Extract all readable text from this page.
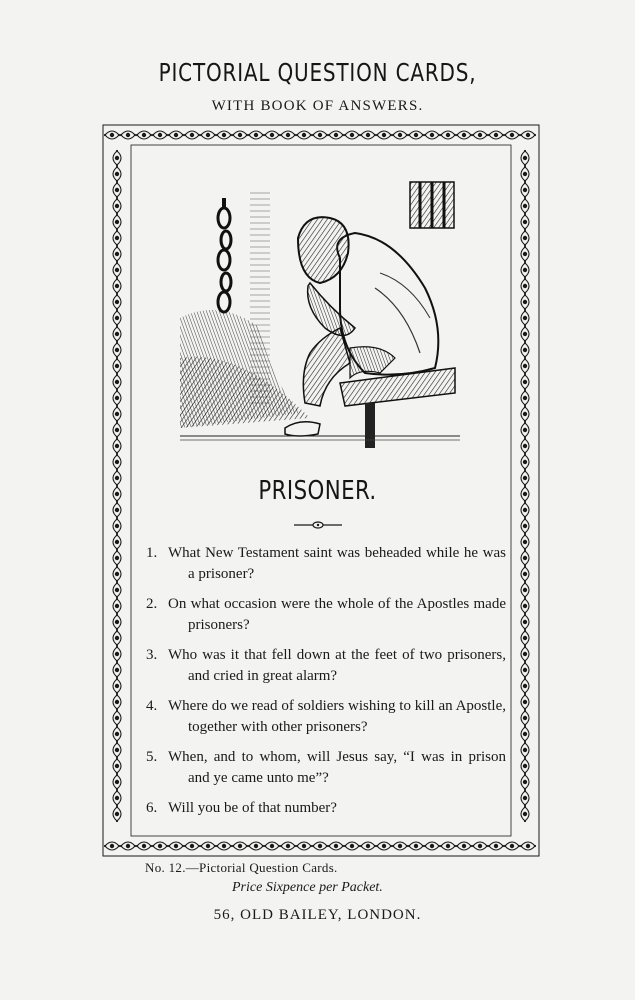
PICTORIAL QUESTION CARDS,
WITH BOOK OF ANSWERS.
PRISONER.
1. What New Testament saint was beheaded while he was a prisoner?
2. On what occasion were the whole of the Apostles made prisoners?
3. Who was it that fell down at the feet of two prisoners, and cried in great alarm?
4. Where do we read of soldiers wishing to kill an Apostle, together with other prisoners?
5. When, and to whom, will Jesus say, “I was in prison and ye came unto me”?
6. Will you be of that number?
No. 12.—Pictorial Question Cards.
Price Sixpence per Packet.
56, OLD BAILEY, LONDON.
